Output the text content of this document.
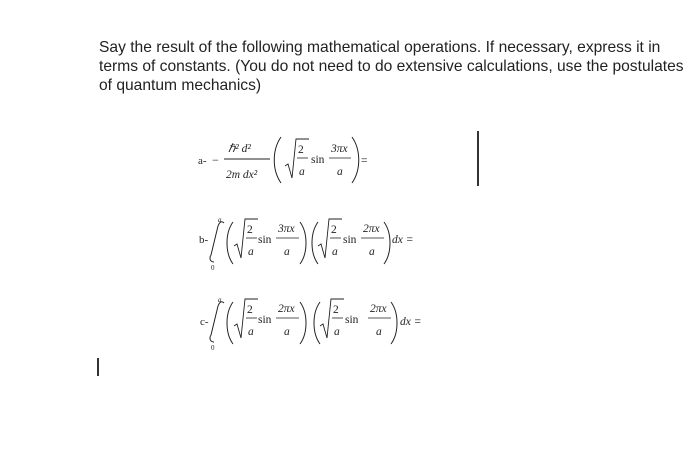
Say the result of the following mathematical operations. If necessary, express it in terms of constants. (You do not need to do extensive calculations, use the postulates of quantum mechanics)
a- −
ℏ² d²
2m dx²
2
a
sin
3πx
a
=
b-
a
0
2
a
sin
3πx
a
2
a
sin
2πx
a
dx =
c-
a
0
2
a
sin
2πx
a
2
a
sin
2πx
a
dx =
